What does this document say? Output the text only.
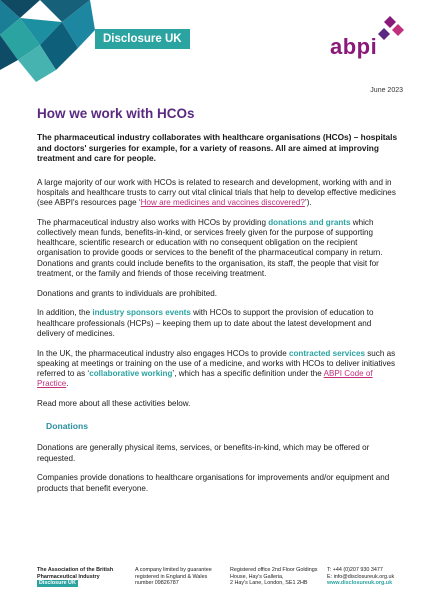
Disclosure UK	abpi
June 2023
How we work with HCOs

The pharmaceutical industry collaborates with healthcare organisations (HCOs) – hospitals and doctors' surgeries for example, for a variety of reasons. All are aimed at improving treatment and care for people.

A large majority of our work with HCOs is related to research and development, working with and in hospitals and healthcare trusts to carry out vital clinical trials that help to develop effective medicines (see ABPI's resources page ‘How are medicines and vaccines discovered?’).

The pharmaceutical industry also works with HCOs by providing donations and grants which collectively mean funds, benefits-in-kind, or services freely given for the purpose of supporting healthcare, scientific research or education with no consequent obligation on the recipient organisation to provide goods or services to the benefit of the pharmaceutical company in return. Donations and grants could include benefits to the organisation, its staff, the people that visit for treatment, or the family and friends of those receiving treatment.

Donations and grants to individuals are prohibited.

In addition, the industry sponsors events with HCOs to support the provision of education to healthcare professionals (HCPs) – keeping them up to date about the latest development and delivery of medicines.

In the UK, the pharmaceutical industry also engages HCOs to provide contracted services such as speaking at meetings or training on the use of a medicine, and works with HCOs to deliver initiatives referred to as ‘collaborative working’, which has a specific definition under the ABPI Code of Practice.

Read more about all these activities below.

Donations

Donations are generally physical items, services, or benefits-in-kind, which may be offered or requested.

Companies provide donations to healthcare organisations for improvements and/or equipment and products that benefit everyone.

The Association of the British
Pharmaceutical Industry
Disclosure UK
A company limited by guarantee
registered in England & Wales
number 09826787
Registered office 2nd Floor Goldings
House, Hay's Galleria,
2 Hay's Lane, London, SE1 2HB
T: +44 (0)207 930 3477
E: info@disclosureuk.org.uk
www.disclosureuk.org.uk
